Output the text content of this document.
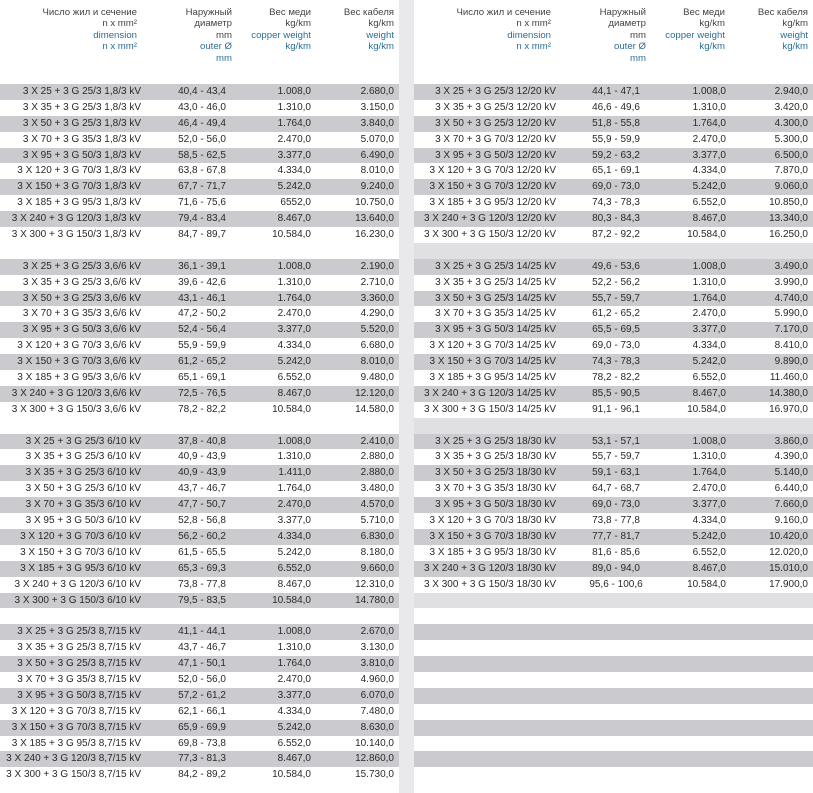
Число жил и сечение
n x mm²
dimension
n x mm²
Наружный
диаметр
mm
outer Ø
mm
Вес меди
kg/km
copper weight
kg/km
Вес кабеля
kg/km
weight
kg/km
3 X 25 + 3 G 25/3 1,8/3 kV	40,4 - 43,4	1.008,0	2.680,0
3 X 35 + 3 G 25/3 1,8/3 kV	43,0 - 46,0	1.310,0	3.150,0
3 X 50 + 3 G 25/3 1,8/3 kV	46,4 - 49,4	1.764,0	3.840,0
3 X 70 + 3 G 35/3 1,8/3 kV	52,0 - 56,0	2.470,0	5.070,0
3 X 95 + 3 G 50/3 1,8/3 kV	58,5 - 62,5	3.377,0	6.490,0
3 X 120 + 3 G 70/3 1,8/3 kV	63,8 - 67,8	4.334,0	8.010,0
3 X 150 + 3 G 70/3 1,8/3 kV	67,7 - 71,7	5.242,0	9.240,0
3 X 185 + 3 G 95/3 1,8/3 kV	71,6 - 75,6	6552,0	10.750,0
3 X 240 + 3 G 120/3 1,8/3 kV	79,4 - 83,4	8.467,0	13.640,0
3 X 300 + 3 G 150/3 1,8/3 kV	84,7 - 89,7	10.584,0	16.230,0
3 X 25 + 3 G 25/3 3,6/6 kV	36,1 - 39,1	1.008,0	2.190,0
3 X 35 + 3 G 25/3 3,6/6 kV	39,6 - 42,6	1.310,0	2.710,0
3 X 50 + 3 G 25/3 3,6/6 kV	43,1 - 46,1	1.764,0	3.360,0
3 X 70 + 3 G 35/3 3,6/6 kV	47,2 - 50,2	2.470,0	4.290,0
3 X 95 + 3 G 50/3 3,6/6 kV	52,4 - 56,4	3.377,0	5.520,0
3 X 120 + 3 G 70/3 3,6/6 kV	55,9 - 59,9	4.334,0	6.680,0
3 X 150 + 3 G 70/3 3,6/6 kV	61,2 - 65,2	5.242,0	8.010,0
3 X 185 + 3 G 95/3 3,6/6 kV	65,1 - 69,1	6.552,0	9.480,0
3 X 240 + 3 G 120/3 3,6/6 kV	72,5 - 76,5	8.467,0	12.120,0
3 X 300 + 3 G 150/3 3,6/6 kV	78,2 - 82,2	10.584,0	14.580,0
3 X 25 + 3 G 25/3 6/10 kV	37,8 - 40,8	1.008,0	2.410,0
3 X 35 + 3 G 25/3 6/10 kV	40,9 - 43,9	1.310,0	2.880,0
3 X 35 + 3 G 25/3 6/10 kV	40,9 - 43,9	1.411,0	2.880,0
3 X 50 + 3 G 25/3 6/10 kV	43,7 - 46,7	1.764,0	3.480,0
3 X 70 + 3 G 35/3 6/10 kV	47,7 - 50,7	2.470,0	4.570,0
3 X 95 + 3 G 50/3 6/10 kV	52,8 - 56,8	3.377,0	5.710,0
3 X 120 + 3 G 70/3 6/10 kV	56,2 - 60,2	4.334,0	6.830,0
3 X 150 + 3 G 70/3 6/10 kV	61,5 - 65,5	5.242,0	8.180,0
3 X 185 + 3 G 95/3 6/10 kV	65,3 - 69,3	6.552,0	9.660,0
3 X 240 + 3 G 120/3 6/10 kV	73,8 - 77,8	8.467,0	12.310,0
3 X 300 + 3 G 150/3 6/10 kV	79,5 - 83,5	10.584,0	14.780,0
3 X 25 + 3 G 25/3 8,7/15 kV	41,1 - 44,1	1.008,0	2.670,0
3 X 35 + 3 G 25/3 8,7/15 kV	43,7 - 46,7	1.310,0	3.130,0
3 X 50 + 3 G 25/3 8,7/15 kV	47,1 - 50,1	1.764,0	3.810,0
3 X 70 + 3 G 35/3 8,7/15 kV	52,0 - 56,0	2.470,0	4.960,0
3 X 95 + 3 G 50/3 8,7/15 kV	57,2 - 61,2	3.377,0	6.070,0
3 X 120 + 3 G 70/3 8,7/15 kV	62,1 - 66,1	4.334,0	7.480,0
3 X 150 + 3 G 70/3 8,7/15 kV	65,9 - 69,9	5.242,0	8.630,0
3 X 185 + 3 G 95/3 8,7/15 kV	69,8 - 73,8	6.552,0	10.140,0
3 X 240 + 3 G 120/3 8,7/15 kV	77,3 - 81,3	8.467,0	12.860,0
3 X 300 + 3 G 150/3 8,7/15 kV	84,2 - 89,2	10.584,0	15.730,0
Число жил и сечение
n x mm²
dimension
n x mm²
Наружный
диаметр
mm
outer Ø
mm
Вес меди
kg/km
copper weight
kg/km
Вес кабеля
kg/km
weight
kg/km
3 X 25 + 3 G 25/3 12/20 kV	44,1 - 47,1	1.008,0	2.940,0
3 X 35 + 3 G 25/3 12/20 kV	46,6 - 49,6	1.310,0	3.420,0
3 X 50 + 3 G 25/3 12/20 kV	51,8 - 55,8	1.764,0	4.300,0
3 X 70 + 3 G 70/3 12/20 kV	55,9 - 59,9	2.470,0	5.300,0
3 X 95 + 3 G 50/3 12/20 kV	59,2 - 63,2	3.377,0	6.500,0
3 X 120 + 3 G 70/3 12/20 kV	65,1 - 69,1	4.334,0	7.870,0
3 X 150 + 3 G 70/3 12/20 kV	69,0 - 73,0	5.242,0	9.060,0
3 X 185 + 3 G 95/3 12/20 kV	74,3 - 78,3	6.552,0	10.850,0
3 X 240 + 3 G 120/3 12/20 kV	80,3 - 84,3	8.467,0	13.340,0
3 X 300 + 3 G 150/3 12/20 kV	87,2 - 92,2	10.584,0	16.250,0
3 X 25 + 3 G 25/3 14/25 kV	49,6 - 53,6	1.008,0	3.490,0
3 X 35 + 3 G 25/3 14/25 kV	52,2 - 56,2	1.310,0	3.990,0
3 X 50 + 3 G 25/3 14/25 kV	55,7 - 59,7	1.764,0	4.740,0
3 X 70 + 3 G 35/3 14/25 kV	61,2 - 65,2	2.470,0	5.990,0
3 X 95 + 3 G 50/3 14/25 kV	65,5 - 69,5	3.377,0	7.170,0
3 X 120 + 3 G 70/3 14/25 kV	69,0 - 73,0	4.334,0	8.410,0
3 X 150 + 3 G 70/3 14/25 kV	74,3 - 78,3	5.242,0	9.890,0
3 X 185 + 3 G 95/3 14/25 kV	78,2 - 82,2	6.552,0	11.460,0
3 X 240 + 3 G 120/3 14/25 kV	85,5 - 90,5	8.467,0	14.380,0
3 X 300 + 3 G 150/3 14/25 kV	91,1 - 96,1	10.584,0	16.970,0
3 X 25 + 3 G 25/3 18/30 kV	53,1 - 57,1	1.008,0	3.860,0
3 X 35 + 3 G 25/3 18/30 kV	55,7 - 59,7	1.310,0	4.390,0
3 X 50 + 3 G 25/3 18/30 kV	59,1 - 63,1	1.764,0	5.140,0
3 X 70 + 3 G 35/3 18/30 kV	64,7 - 68,7	2.470,0	6.440,0
3 X 95 + 3 G 50/3 18/30 kV	69,0 - 73,0	3.377,0	7.660,0
3 X 120 + 3 G 70/3 18/30 kV	73,8 - 77,8	4.334,0	9.160,0
3 X 150 + 3 G 70/3 18/30 kV	77,7 - 81,7	5.242,0	10.420,0
3 X 185 + 3 G 95/3 18/30 kV	81,6 - 85,6	6.552,0	12.020,0
3 X 240 + 3 G 120/3 18/30 kV	89,0 - 94,0	8.467,0	15.010,0
3 X 300 + 3 G 150/3 18/30 kV	95,6 - 100,6	10.584,0	17.900,0
